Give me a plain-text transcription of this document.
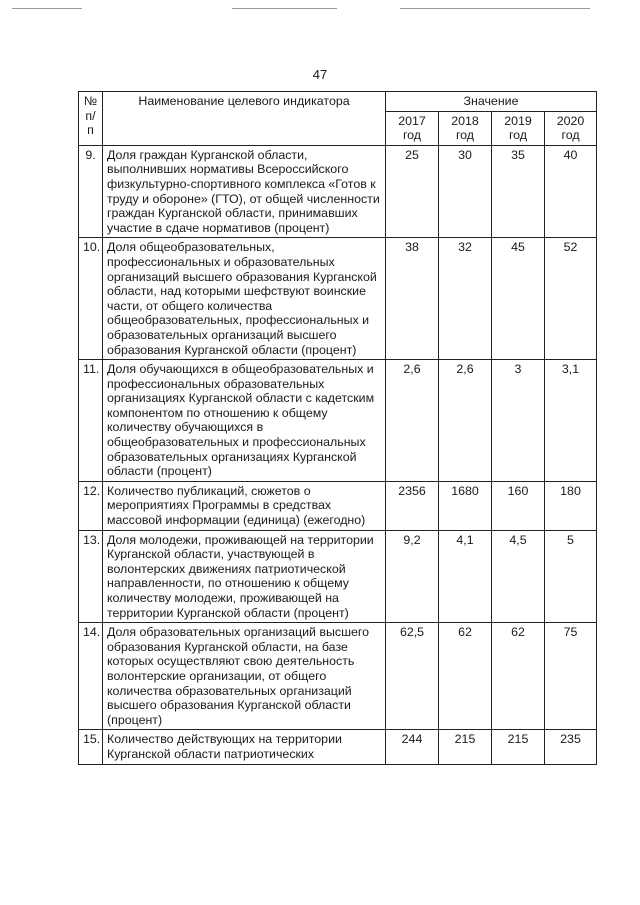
47
№ п/п	Наименование целевого индикатора	Значение			
		2017 год	2018 год	2019 год	2020 год
9.	Доля граждан Курганской области, выполнивших нормативы Всероссийского физкультурно-спортивного комплекса «Готов к труду и обороне» (ГТО), от общей численности граждан Курганской области, принимавших участие в сдаче нормативов (процент)	25	30	35	40
10.	Доля общеобразовательных, профессиональных и образовательных организаций высшего образования Курганской области, над которыми шефствуют воинские части, от общего количества общеобразовательных, профессиональных и образовательных организаций высшего образования Курганской области (процент)	38	32	45	52
11.	Доля обучающихся в общеобразовательных и профессиональных образовательных организациях Курганской области с кадетским компонентом по отношению к общему количеству обучающихся в общеобразовательных и профессиональных образовательных организациях Курганской области (процент)	2,6	2,6	3	3,1
12.	Количество публикаций, сюжетов о мероприятиях Программы в средствах массовой информации (единица) (ежегодно)	2356	1680	160	180
13.	Доля молодежи, проживающей на территории Курганской области, участвующей в волонтерских движениях патриотической направленности, по отношению к общему количеству молодежи, проживающей на территории Курганской области (процент)	9,2	4,1	4,5	5
14.	Доля образовательных организаций высшего образования Курганской области, на базе которых осуществляют свою деятельность волонтерские организации, от общего количества образовательных организаций высшего образования Курганской области (процент)	62,5	62	62	75
15.	Количество действующих на территории Курганской области патриотических	244	215	215	235
